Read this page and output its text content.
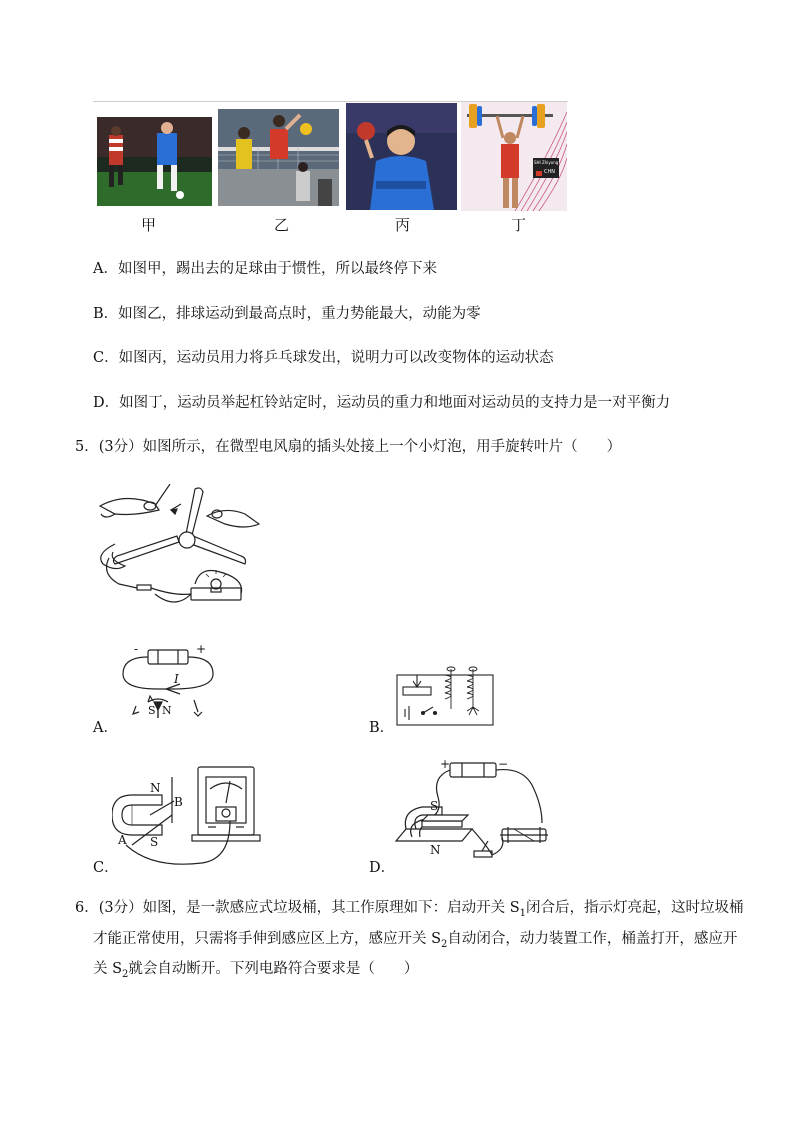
SHI Zhiyong
CHN
甲	乙	丙	丁
A．如图甲，踢出去的足球由于惯性，所以最终停下来
B．如图乙，排球运动到最高点时，重力势能最大，动能为零
C．如图丙，运动员用力将乒乓球发出，说明力可以改变物体的运动状态
D．如图丁，运动员举起杠铃站定时，运动员的重力和地面对运动员的支持力是一对平衡力
5．(3分）如图所示，在微型电风扇的插头处接上一个小灯泡，用手旋转叶片（　　）
A．
-	+
I
S N
B．
C．
N
B
A S
D．
+	−
S
N
6．(3分）如图，是一款感应式垃圾桶，其工作原理如下：启动开关 $S_1$闭合后，指示灯亮起，这时垃圾桶
才能正常使用，只需将手伸到感应区上方，感应开关 $S_2$自动闭合，动力装置工作，桶盖打开，感应开
关 $S_2$就会自动断开。下列电路符合要求是（　　）
